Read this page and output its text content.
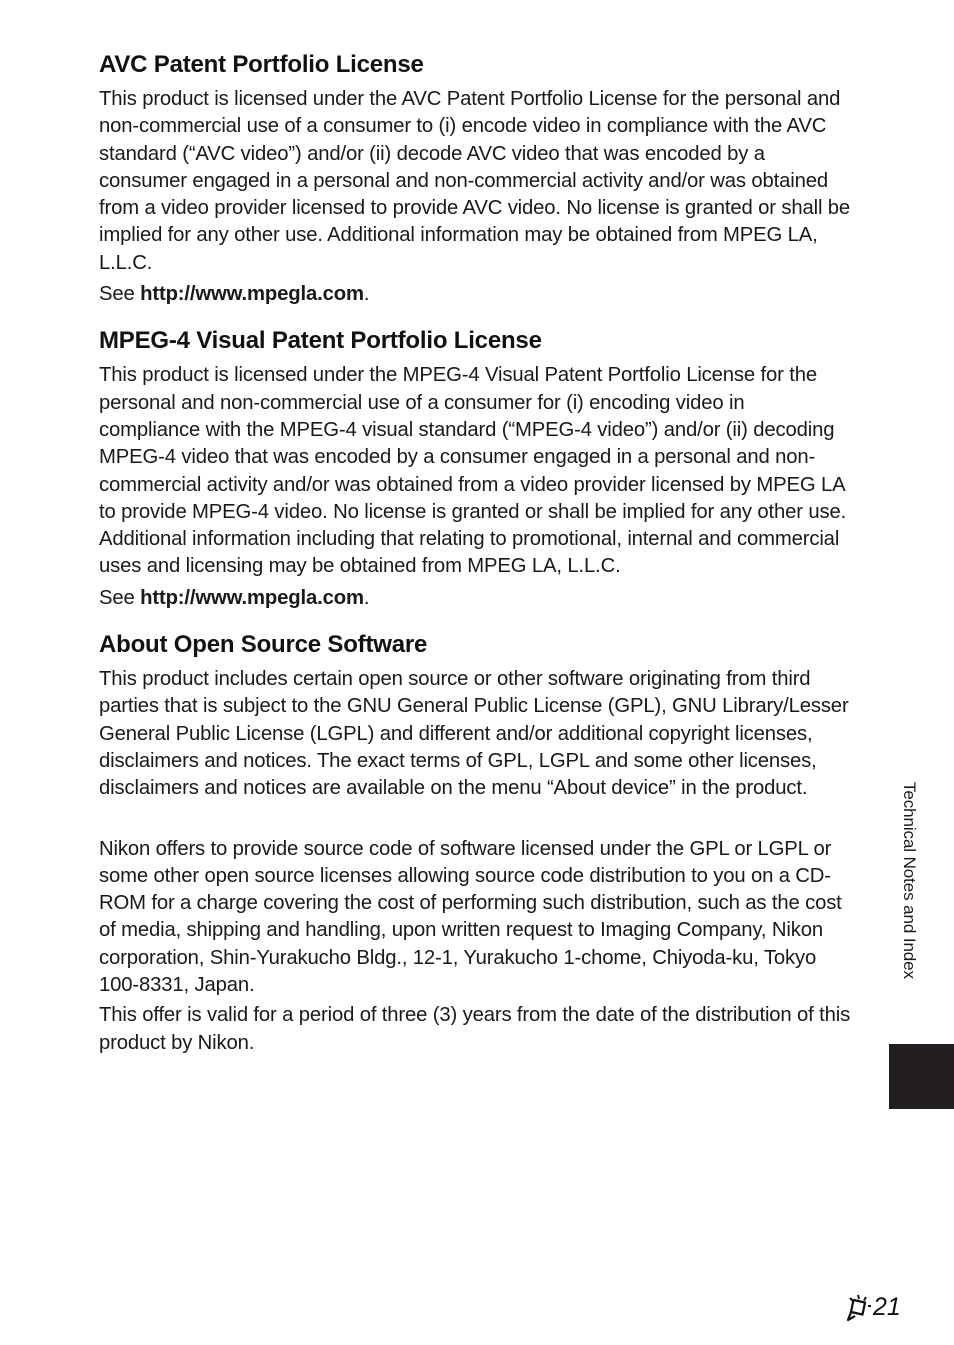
AVC Patent Portfolio License

This product is licensed under the AVC Patent Portfolio License for the personal and non-commercial use of a consumer to (i) encode video in compliance with the AVC standard (“AVC video”) and/or (ii) decode AVC video that was encoded by a consumer engaged in a personal and non-commercial activity and/or was obtained from a video provider licensed to provide AVC video. No license is granted or shall be implied for any other use. Additional information may be obtained from MPEG LA, L.L.C.

See http://www.mpegla.com.

MPEG-4 Visual Patent Portfolio License

This product is licensed under the MPEG-4 Visual Patent Portfolio License for the personal and non-commercial use of a consumer for (i) encoding video in compliance with the MPEG-4 visual standard (“MPEG-4 video”) and/or (ii) decoding MPEG-4 video that was encoded by a consumer engaged in a personal and non-commercial activity and/or was obtained from a video provider licensed by MPEG LA to provide MPEG-4 video. No license is granted or shall be implied for any other use. Additional information including that relating to promotional, internal and commercial uses and licensing may be obtained from MPEG LA, L.L.C.

See http://www.mpegla.com.

About Open Source Software

This product includes certain open source or other software originating from third parties that is subject to the GNU General Public License (GPL), GNU Library/Lesser General Public License (LGPL) and different and/or additional copyright licenses, disclaimers and notices. The exact terms of GPL, LGPL and some other licenses, disclaimers and notices are available on the menu “About device” in the product.

Nikon offers to provide source code of software licensed under the GPL or LGPL or some other open source licenses allowing source code distribution to you on a CD-ROM for a charge covering the cost of performing such distribution, such as the cost of media, shipping and handling, upon written request to Imaging Company, Nikon corporation, Shin-Yurakucho Bldg., 12-1, Yurakucho 1-chome, Chiyoda-ku, Tokyo 100-8331, Japan.

This offer is valid for a period of three (3) years from the date of the distribution of this product by Nikon.

Technical Notes and Index
21
